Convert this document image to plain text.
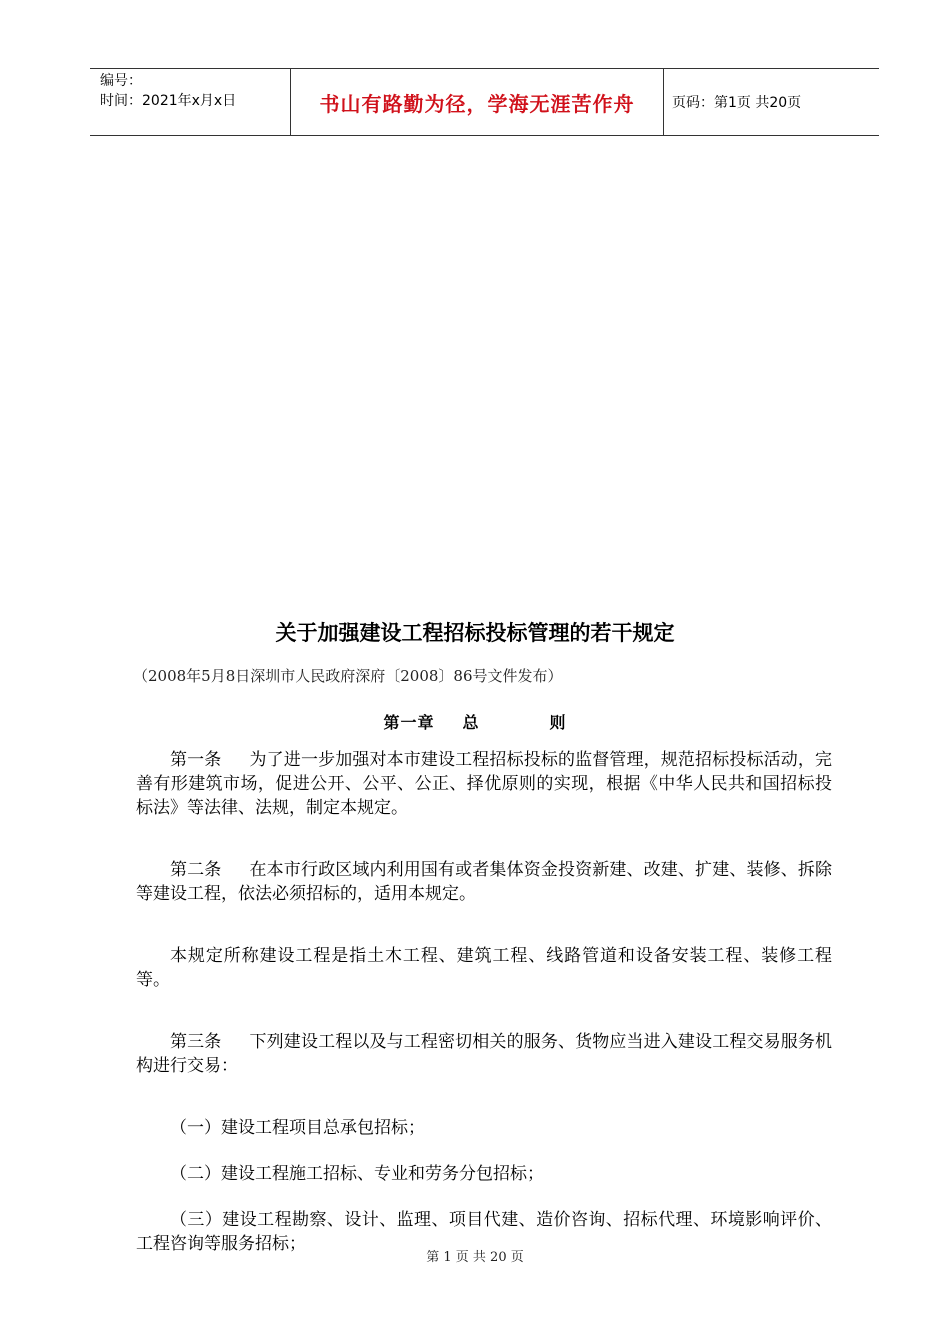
编号：
时间：2021年x月x日	书山有路勤为径，学海无涯苦作舟	页码：第1页 共20页
关于加强建设工程招标投标管理的若干规定
（2008年5月8日深圳市人民政府深府〔2008〕86号文件发布）
第一章 总	则

第一条 为了进一步加强对本市建设工程招标投标的监督管理，规范招标投标活动，完善有形建筑市场，促进公开、公平、公正、择优原则的实现，根据《中华人民共和国招标投标法》等法律、法规，制定本规定。

第二条 在本市行政区域内利用国有或者集体资金投资新建、改建、扩建、装修、拆除等建设工程，依法必须招标的，适用本规定。

本规定所称建设工程是指土木工程、建筑工程、线路管道和设备安装工程、装修工程等。

第三条 下列建设工程以及与工程密切相关的服务、货物应当进入建设工程交易服务机构进行交易：

（一）建设工程项目总承包招标；

（二）建设工程施工招标、专业和劳务分包招标；

（三）建设工程勘察、设计、监理、项目代建、造价咨询、招标代理、环境影响评价、工程咨询等服务招标；

第 1 页 共 20 页
